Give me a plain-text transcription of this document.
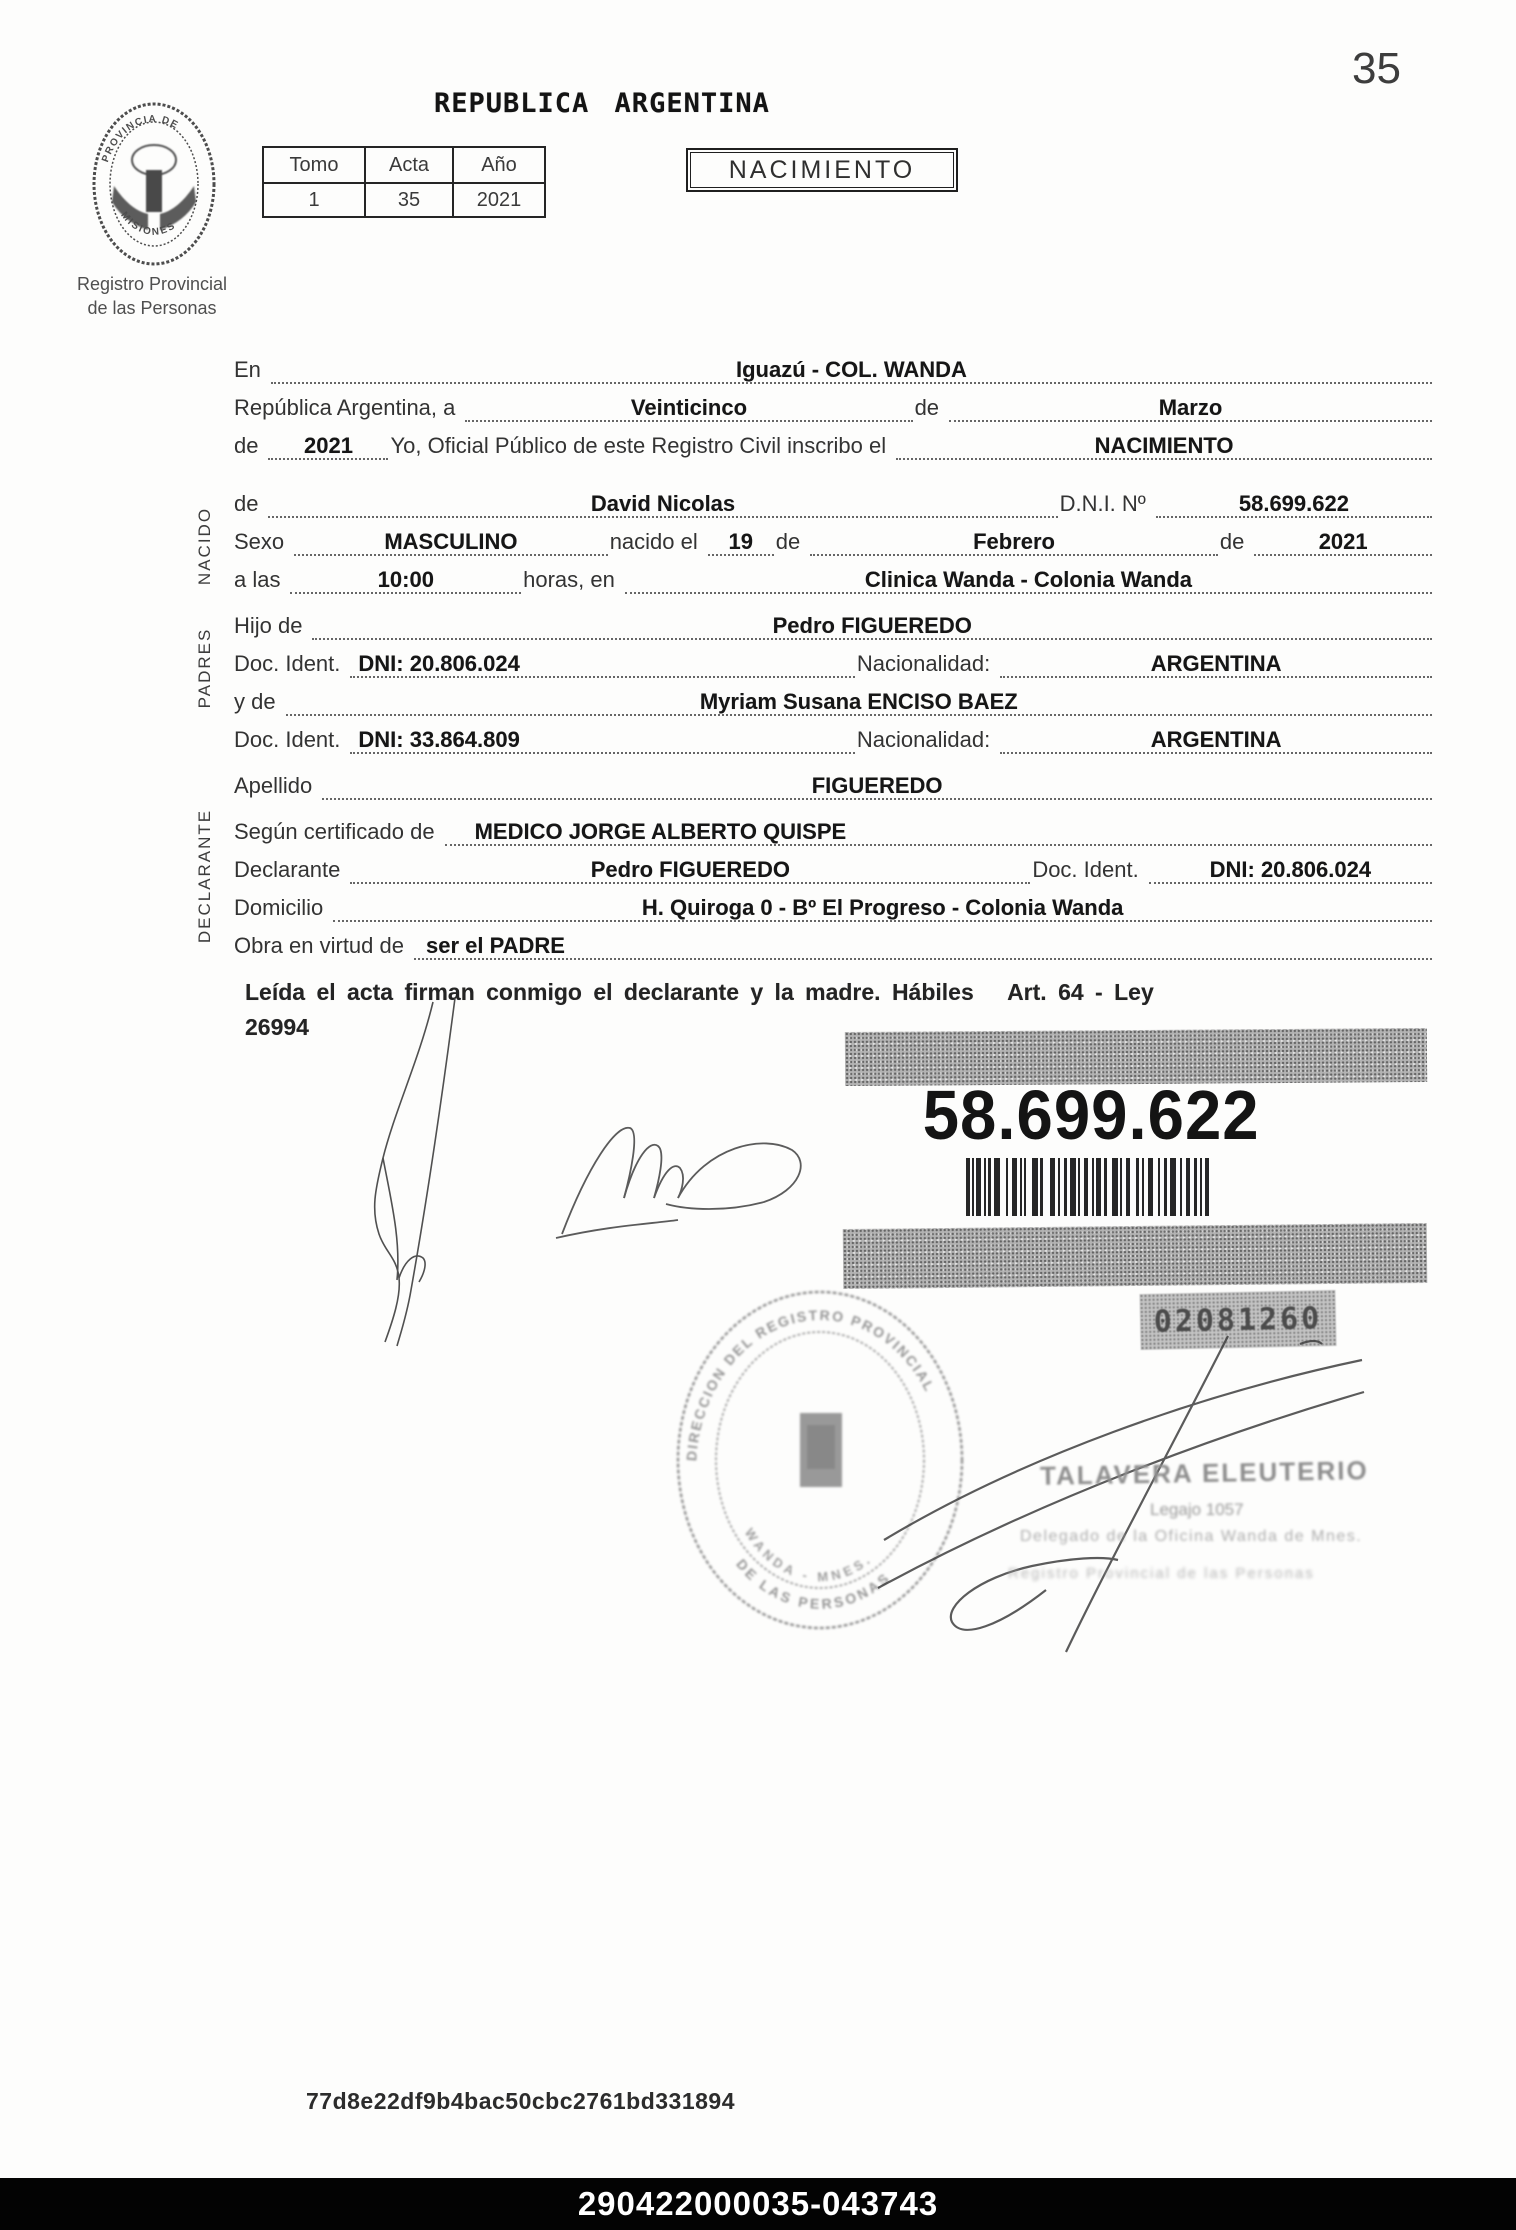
35
PROVINCIA DE
MISIONES
Registro Provincial
de las Personas
REPUBLICA ARGENTINA
Tomo	Acta	Año
1	35	2021
NACIMIENTO
NACIDO
PADRES
DECLARANTE
En	Iguazú - COL. WANDA
República Argentina, a	Veinticinco	de	Marzo
de	2021	Yo, Oficial Público de este Registro Civil inscribo el	NACIMIENTO
de	David Nicolas	D.N.I. Nº	58.699.622
Sexo	MASCULINO	nacido el	19	de	Febrero	de	2021
a las	10:00	horas, en	Clinica Wanda - Colonia Wanda
Hijo de	Pedro FIGUEREDO
Doc. Ident. DNI: 20.806.024	Nacionalidad:	ARGENTINA
y de	Myriam Susana ENCISO BAEZ
Doc. Ident. DNI: 33.864.809	Nacionalidad:	ARGENTINA
Apellido	FIGUEREDO
Según certificado de	MEDICO JORGE ALBERTO QUISPE
Declarante	Pedro FIGUEREDO	Doc. Ident.	DNI: 20.806.024
Domicilio	H. Quiroga 0 - Bº El Progreso - Colonia Wanda
Obra en virtud de	ser el PADRE
Leída el acta firman conmigo el declarante y la madre. Hábiles   Art. 64 - Ley
26994
58.699.622
02081260
DIRECCION DEL REGISTRO PROVINCIAL
DE LAS PERSONAS
WANDA - MNES.
TALAVERA ELEUTERIO
Legajo 1057
Delegado de la Oficina Wanda de Mnes.
Registro Provincial de las Personas
77d8e22df9b4bac50cbc2761bd331894
290422000035-043743
